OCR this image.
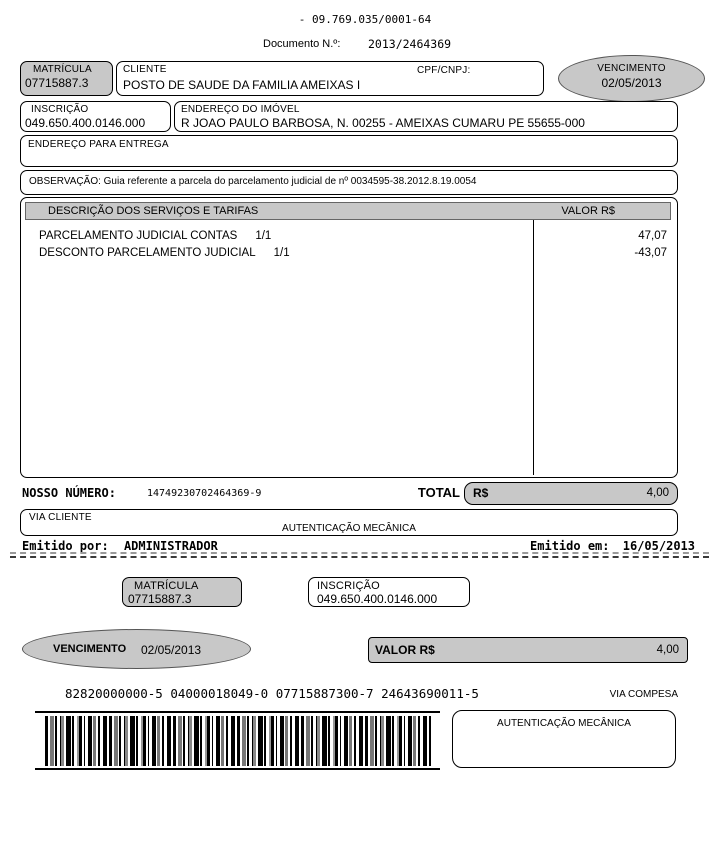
- 09.769.035/0001-64
Documento N.º: 2013/2464369
MATRÍCULA
07715887.3
CLIENTE	CPF/CNPJ:
POSTO DE SAUDE DA FAMILIA AMEIXAS I
VENCIMENTO
02/05/2013
INSCRIÇÃO
049.650.400.0146.000
ENDEREÇO DO IMÓVEL
R JOAO PAULO BARBOSA, N. 00255 - AMEIXAS CUMARU PE 55655-000
ENDEREÇO PARA ENTREGA
OBSERVAÇÃO: Guia referente a parcela do parcelamento judicial de nº 0034595-38.2012.8.19.0054
DESCRIÇÃO DOS SERVIÇOS E TARIFAS	VALOR R$
PARCELAMENTO JUDICIAL CONTAS 1/1	47,07
DESCONTO PARCELAMENTO JUDICIAL 1/1	-43,07
NOSSO NÚMERO:	14749230702464369-9	TOTAL R$	4,00
VIA CLIENTE
AUTENTICAÇÃO MECÂNICA
Emitido por: ADMINISTRADOR	Emitido em: 16/05/2013
MATRÍCULA
07715887.3
INSCRIÇÃO
049.650.400.0146.000
VENCIMENTO 02/05/2013	VALOR R$	4,00
82820000000-5 04000018049-0 07715887300-7 24643690011-5	VIA COMPESA
AUTENTICAÇÃO MECÂNICA
